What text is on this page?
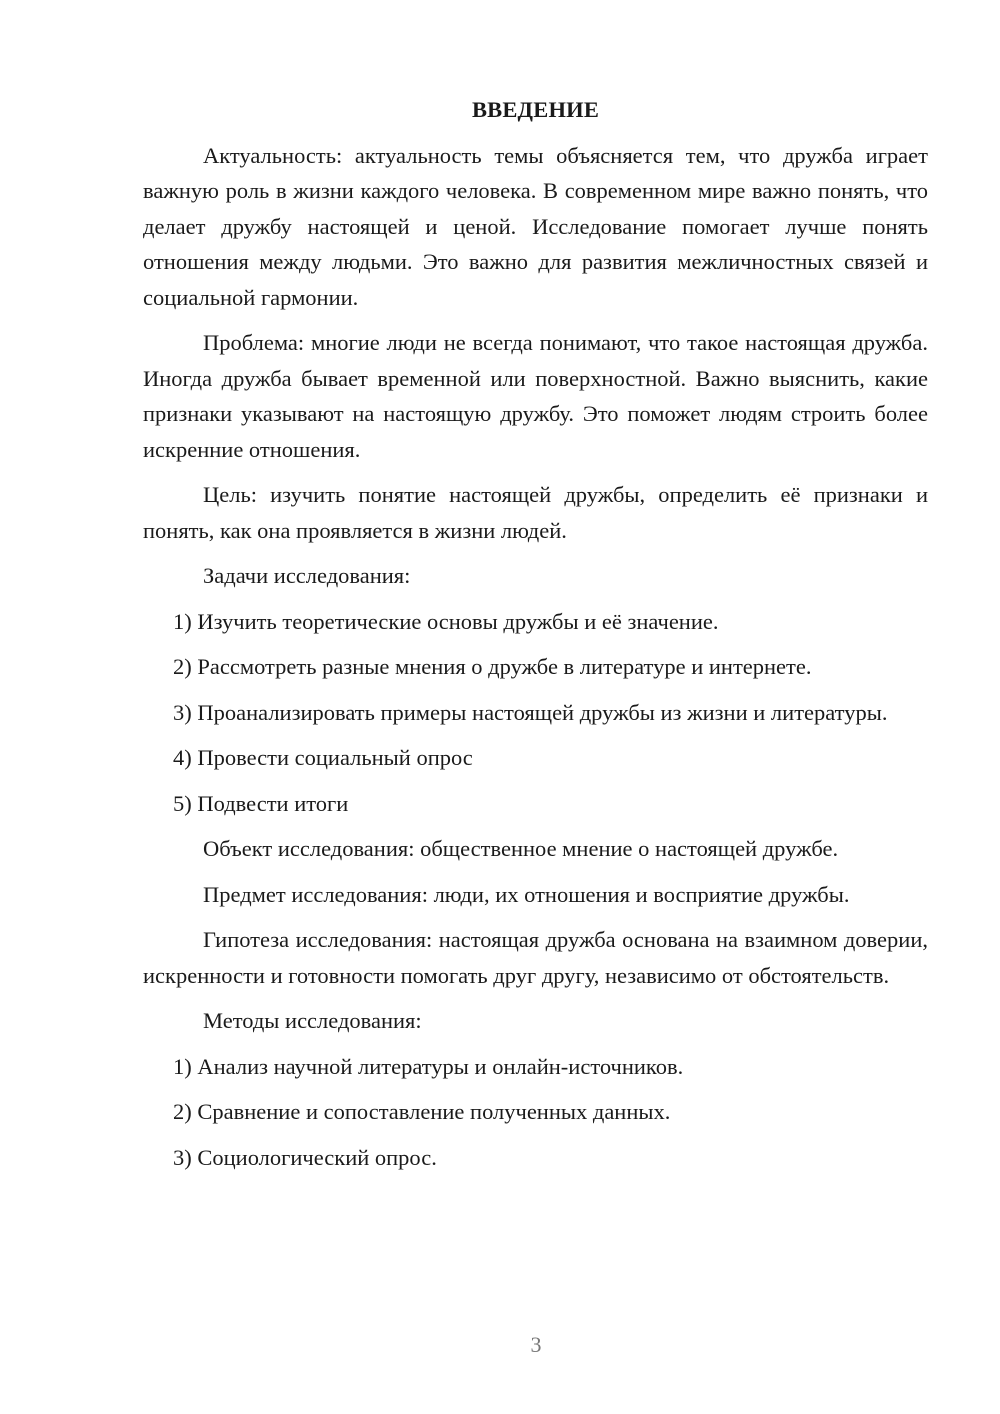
ВВЕДЕНИЕ

Актуальность: актуальность темы объясняется тем, что дружба играет важную роль в жизни каждого человека. В современном мире важно понять, что делает дружбу настоящей и ценой. Исследование помогает лучше понять отношения между людьми. Это важно для развития межличностных связей и социальной гармонии.

Проблема: многие люди не всегда понимают, что такое настоящая дружба. Иногда дружба бывает временной или поверхностной. Важно выяснить, какие признаки указывают на настоящую дружбу. Это поможет людям строить более искренние отношения.

Цель: изучить понятие настоящей дружбы, определить её признаки и понять, как она проявляется в жизни людей.

Задачи исследования:

1) Изучить теоретические основы дружбы и её значение.

2) Рассмотреть разные мнения о дружбе в литературе и интернете.

3) Проанализировать примеры настоящей дружбы из жизни и литературы.

4) Провести социальный опрос

5) Подвести итоги

Объект исследования: общественное мнение о настоящей дружбе.

Предмет исследования: люди, их отношения и восприятие дружбы.

Гипотеза исследования: настоящая дружба основана на взаимном доверии, искренности и готовности помогать друг другу, независимо от обстоятельств.

Методы исследования:

1) Анализ научной литературы и онлайн-источников.

2) Сравнение и сопоставление полученных данных.

3) Социологический опрос.

3
